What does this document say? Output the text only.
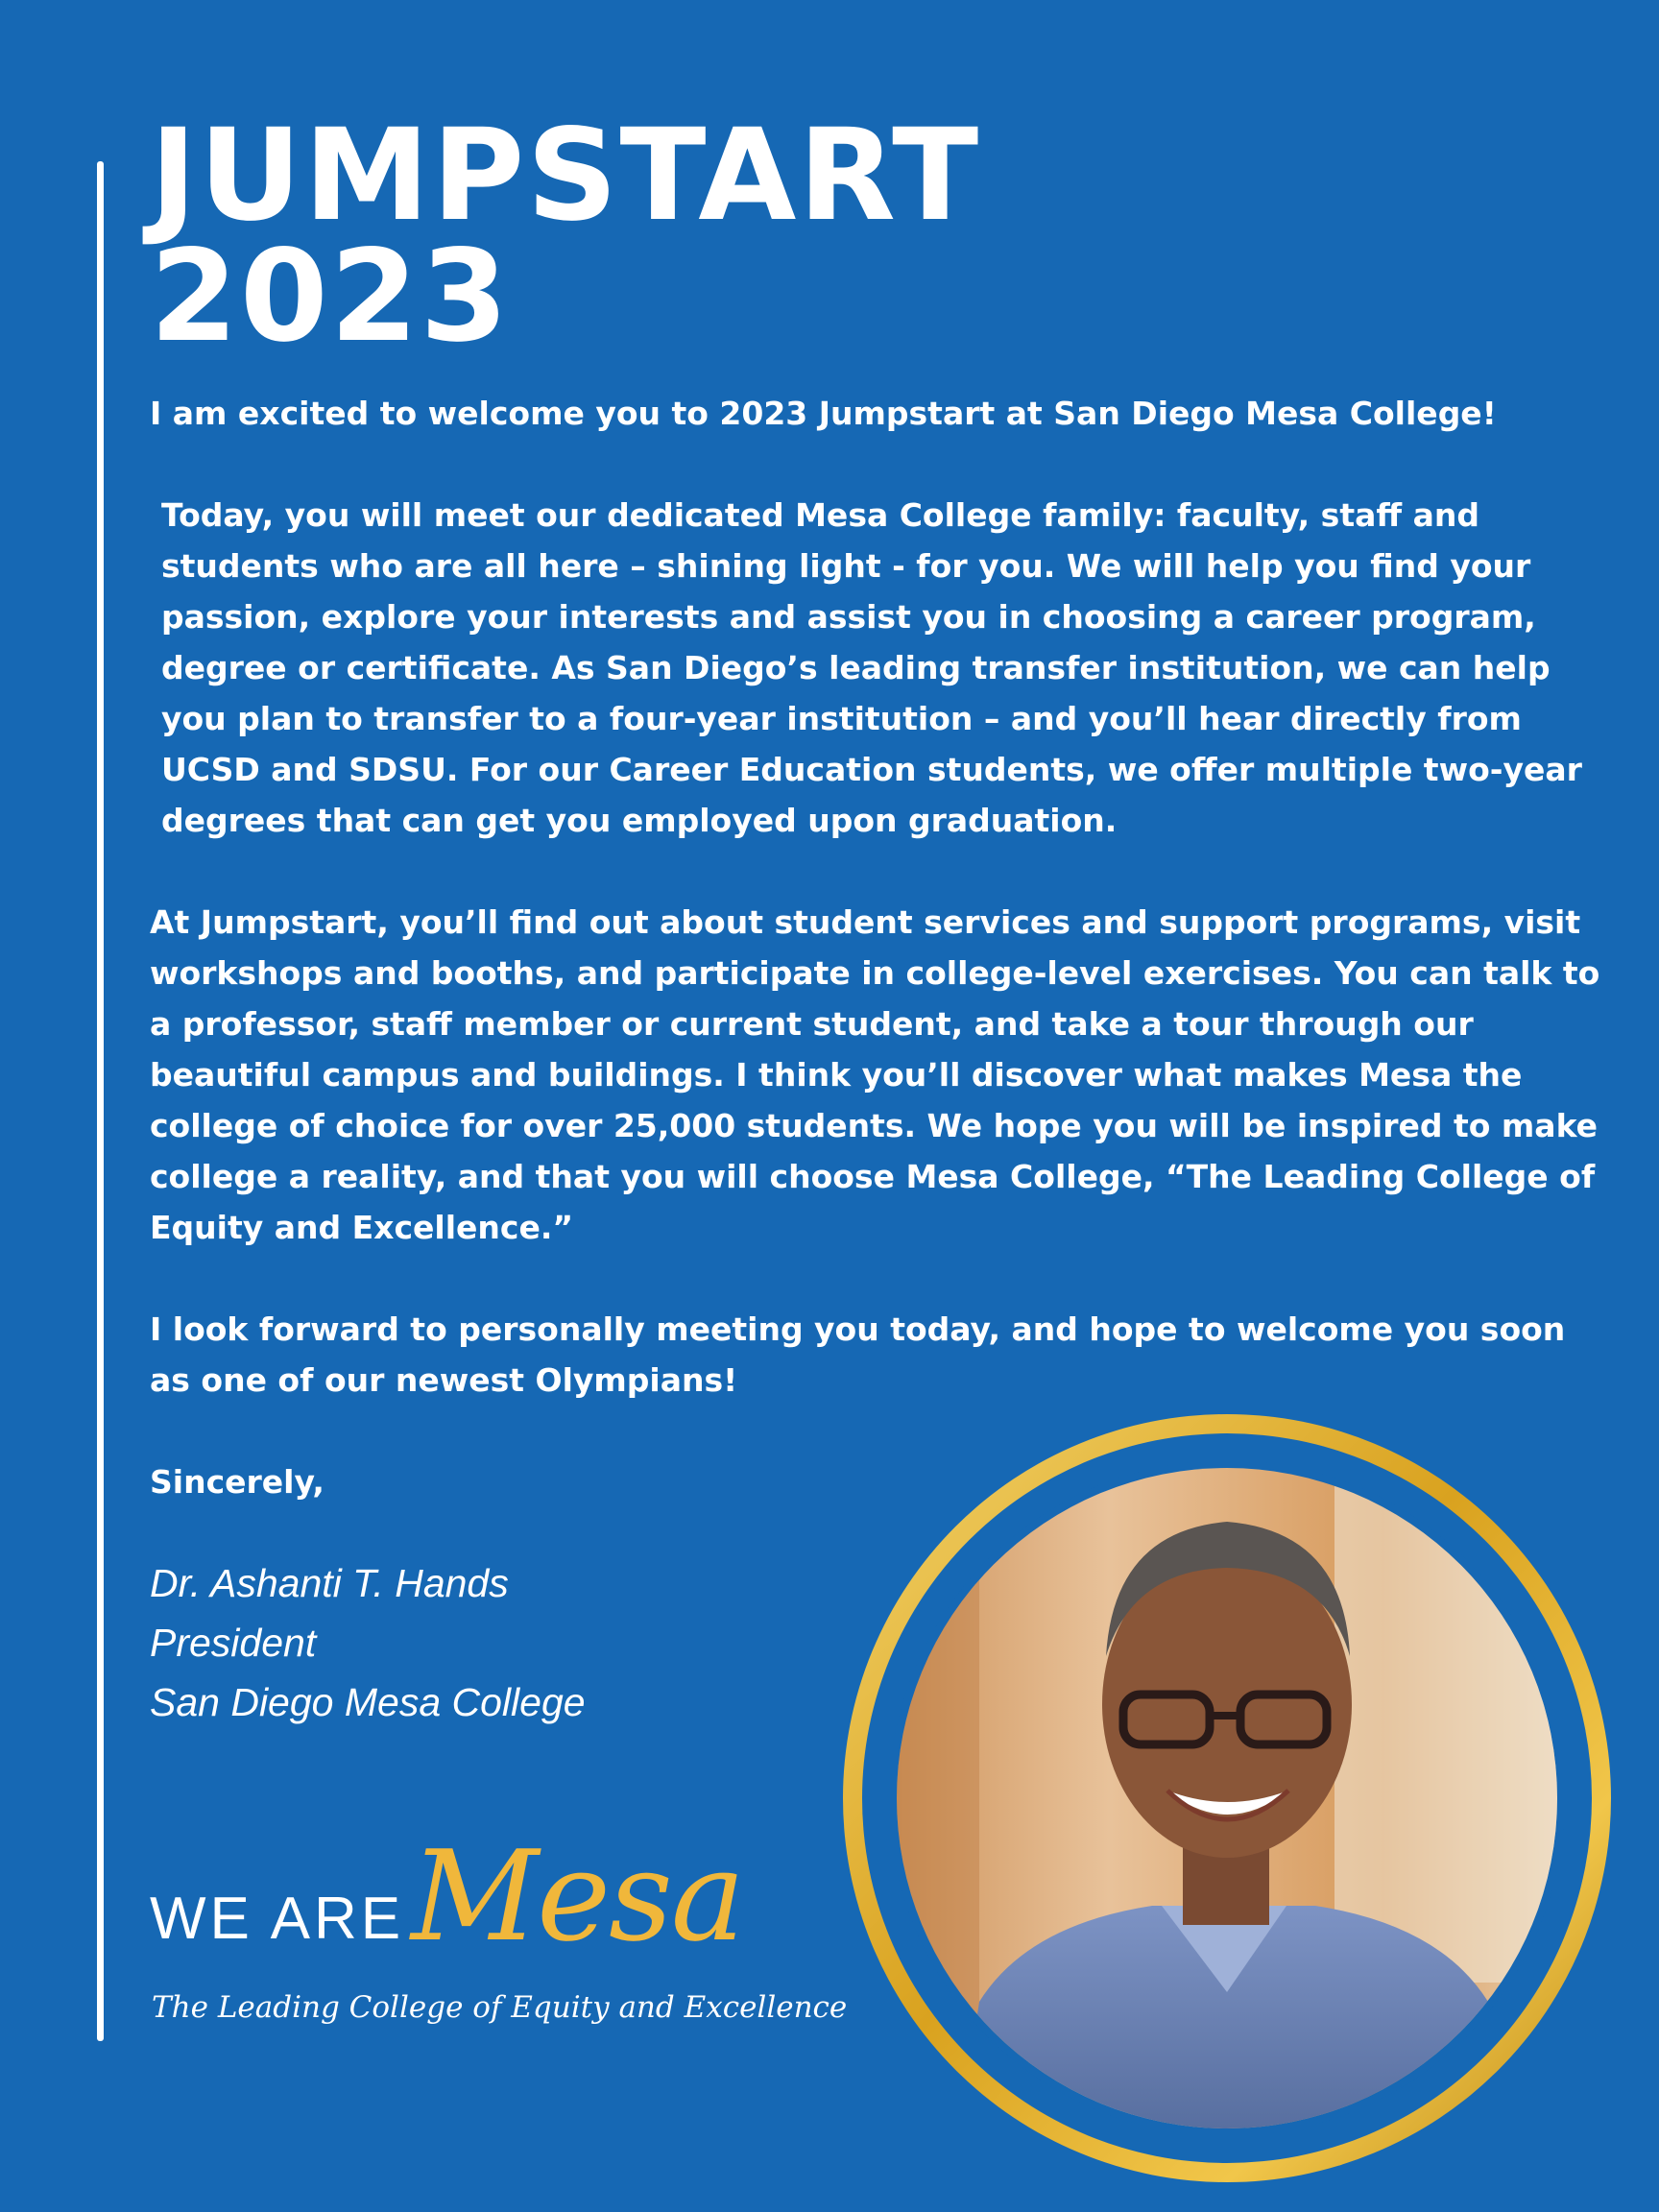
JUMPSTART
2023

I am excited to welcome you to 2023 Jumpstart at San Diego Mesa College!

Today, you will meet our dedicated Mesa College family: faculty, staff and students who are all here – shining light - for you. We will help you find your passion, explore your interests and assist you in choosing a career program, degree or certificate. As San Diego’s leading transfer institution, we can help you plan to transfer to a four-year institution – and you’ll hear directly from UCSD and SDSU. For our Career Education students, we offer multiple two-year degrees that can get you employed upon graduation.

At Jumpstart, you’ll find out about student services and support programs, visit workshops and booths, and participate in college-level exercises. You can talk to a professor, staff member or current student, and take a tour through our beautiful campus and buildings. I think you’ll discover what makes Mesa the college of choice for over 25,000 students. We hope you will be inspired to make college a reality, and that you will choose Mesa College, “The Leading College of Equity and Excellence.”

I look forward to personally meeting you today, and hope to welcome you soon as one of our newest Olympians!

Sincerely,

Dr. Ashanti T. Hands
President
San Diego Mesa College
WE ARE Mesa
The Leading College of Equity and Excellence
